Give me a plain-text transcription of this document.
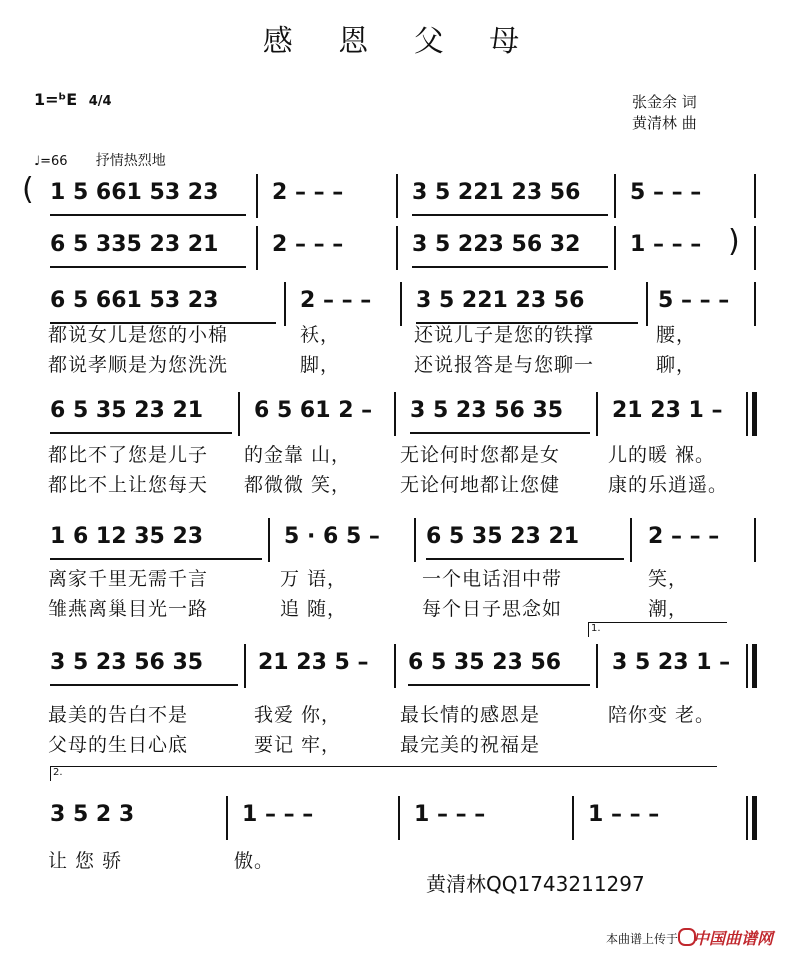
感 恩 父 母
1=ᵇE 4/4	张金余 词
黄清林 曲
♩=66 抒情热烈地
( 1 5 661 53 23 2 – – –	3 5 221 23 56 5 – – –
6 5 335 23 21 2 – – –	3 5 223 56 32 1 – – – )
6 5 661 53 23	2 – – – 3 5 221 23 56	5 – – –
都说女儿是您的小棉	袄，	还说儿子是您的铁撑	腰，
都说孝顺是为您洗洗	脚，	还说报答是与您聊一	聊，
6 5 35 23 21 6 5 61 2 – 3 5 23 56 35 21 23 1 –
都比不了您是儿子 的金靠 山，	无论何时您都是女	儿的暖 褓。
都比不上让您每天 都微微 笑，	无论何地都让您健	康的乐逍遥。
1 6 12 35 23	5 · 6 5 – 6 5 35 23 21	2 – – –
离家千里无需千言	万 语，	一个电话泪中带	笑，
雏燕离巢目光一路	追 随，	每个日子思念如	潮，
1.
3 5 23 56 35 21 23 5 – 6 5 35 23 56 3 5 23 1 –
最美的告白不是	我爱 你，	最长情的感恩是	陪你变 老。
父母的生日心底	要记 牢，	最完美的祝福是
2.
3 5 2 3	1 – – –	1 – – –	1 – – –
让 您 骄	傲。
黄清林QQ1743211297
本曲谱上传于 中国曲谱网
